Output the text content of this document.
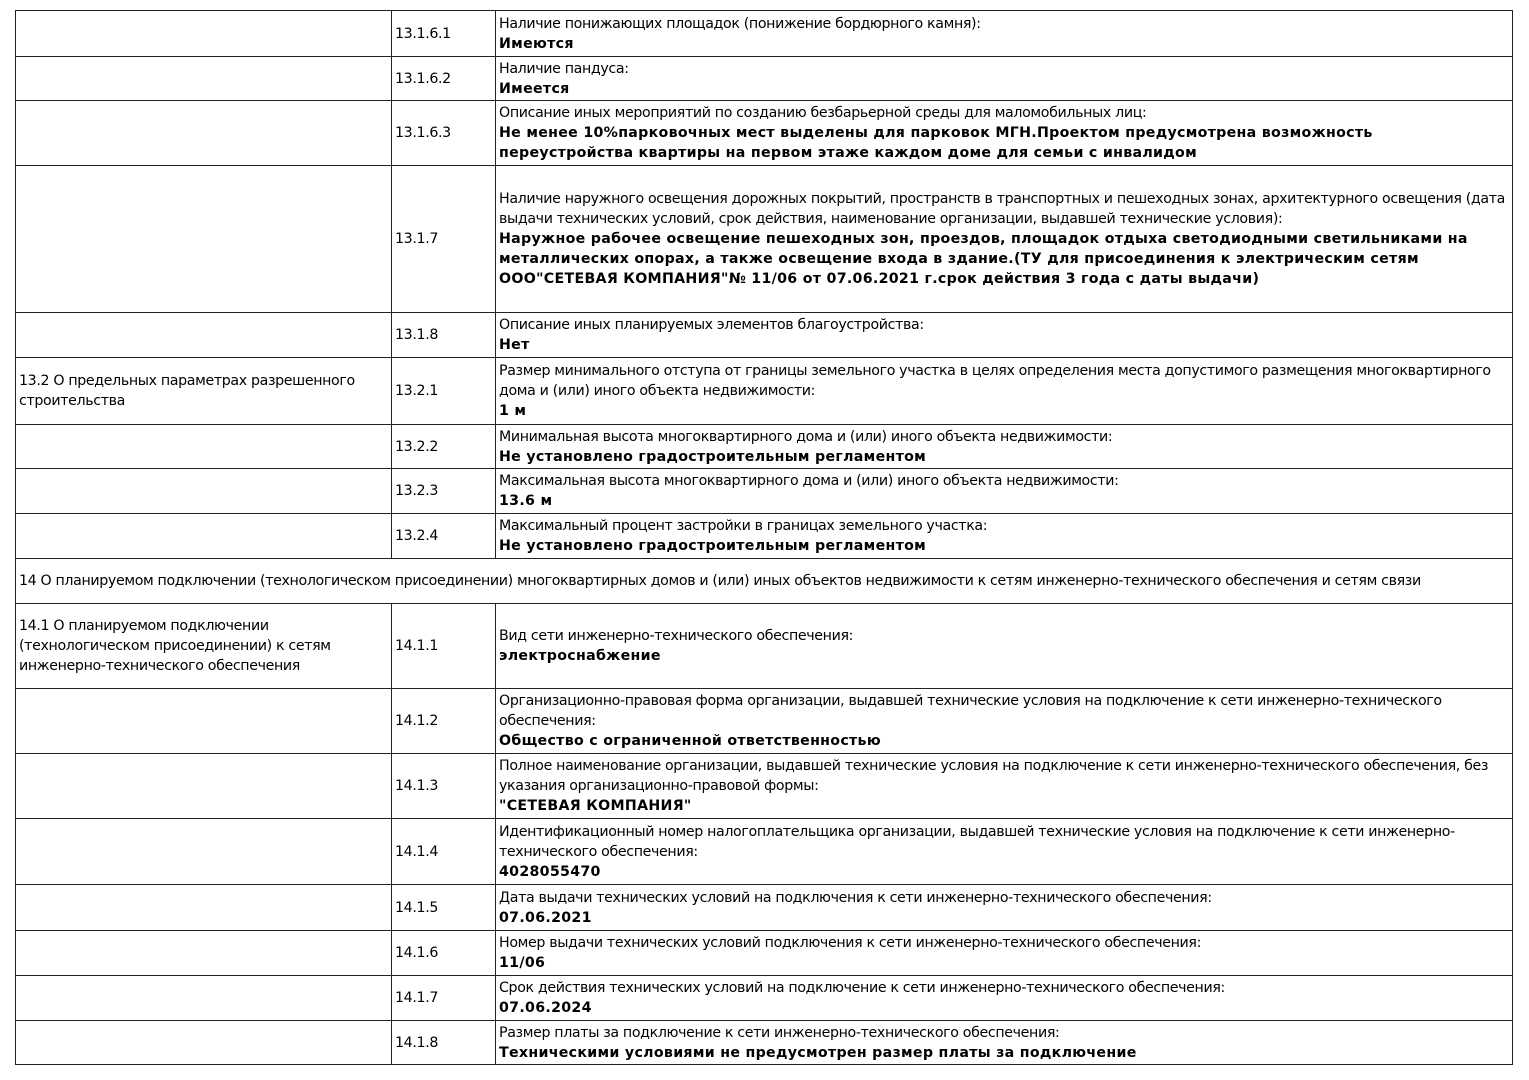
	13.1.6.1	Наличие понижающих площадок (понижение бордюрного камня):
Имеются

	13.1.6.2	Наличие пандуса:
Имеется

	13.1.6.3	Описание иных мероприятий по созданию безбарьерной среды для маломобильных лиц:
Не менее 10%парковочных мест выделены для парковок МГН.Проектом предусмотрена возможность переустройства квартиры на первом этаже каждом доме для семьи с инвалидом

	13.1.7	Наличие наружного освещения дорожных покрытий, пространств в транспортных и пешеходных зонах, архитектурного освещения (дата выдачи технических условий, срок действия, наименование организации, выдавшей технические условия):
Наружное рабочее освещение пешеходных зон, проездов, площадок отдыха светодиодными светильниками на металлических опорах, а также освещение входа в здание.(ТУ для присоединения к электрическим сетям ООО"СЕТЕВАЯ КОМПАНИЯ"№ 11/06 от 07.06.2021 г.срок действия 3 года с даты выдачи)

	13.1.8	Описание иных планируемых элементов благоустройства:
Нет

13.2 О предельных параметрах разрешенного строительства	13.2.1	Размер минимального отступа от границы земельного участка в целях определения места допустимого размещения многоквартирного дома и (или) иного объекта недвижимости:
1 м

	13.2.2	Минимальная высота многоквартирного дома и (или) иного объекта недвижимости:
Не установлено градостроительным регламентом

	13.2.3	Максимальная высота многоквартирного дома и (или) иного объекта недвижимости:
13.6 м

	13.2.4	Максимальный процент застройки в границах земельного участка:
Не установлено градостроительным регламентом

14 О планируемом подключении (технологическом присоединении) многоквартирных домов и (или) иных объектов недвижимости к сетям инженерно-технического обеспечения и сетям связи		
14.1 О планируемом подключении (технологическом присоединении) к сетям инженерно-технического обеспечения	14.1.1	Вид сети инженерно-технического обеспечения:
электроснабжение

	14.1.2	Организационно-правовая форма организации, выдавшей технические условия на подключение к сети инженерно-технического обеспечения:
Общество с ограниченной ответственностью

	14.1.3	Полное наименование организации, выдавшей технические условия на подключение к сети инженерно-технического обеспечения, без указания организационно-правовой формы:
"СЕТЕВАЯ КОМПАНИЯ"

	14.1.4	Идентификационный номер налогоплательщика организации, выдавшей технические условия на подключение к сети инженерно-технического обеспечения:
4028055470

	14.1.5	Дата выдачи технических условий на подключения к сети инженерно-технического обеспечения:
07.06.2021

	14.1.6	Номер выдачи технических условий подключения к сети инженерно-технического обеспечения:
11/06

	14.1.7	Срок действия технических условий на подключение к сети инженерно-технического обеспечения:
07.06.2024

	14.1.8	Размер платы за подключение к сети инженерно-технического обеспечения:
Техническими условиями не предусмотрен размер платы за подключение
